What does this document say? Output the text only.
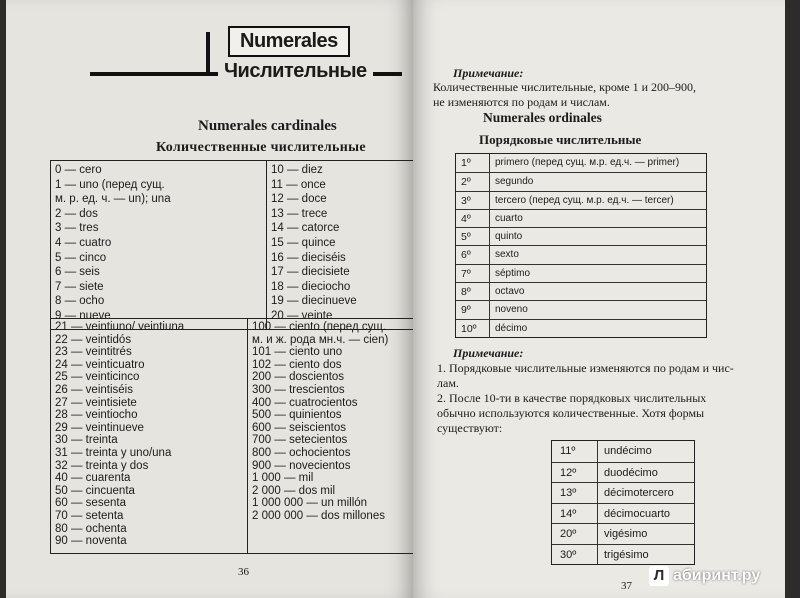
Numerales
Числительные
Numerales cardinales
Количественные числительные
0 — cero
1 — uno (перед сущ.
м. р. ед. ч. — un); una
2 — dos
3 — tres
4 — cuatro
5 — cinco
6 — seis
7 — siete
8 — ocho
9 — nueve
10 — diez
11 — once
12 — doce
13 — trece
14 — catorce
15 — quince
16 — dieciséis
17 — diecisiete
18 — dieciocho
19 — diecinueve
20 — veinte
21 — veintiuno/ veintiuna
22 — veintidós
23 — veintitrés
24 — veinticuatro
25 — veinticinco
26 — veintiséis
27 — veintisiete
28 — veintiocho
29 — veintinueve
30 — treinta
31 — treinta y uno/una
32 — treinta y dos
40 — cuarenta
50 — cincuenta
60 — sesenta
70 — setenta
80 — ochenta
90 — noventa
100 — ciento (перед сущ.
м. и ж. рода мн.ч. — cien)
101 — ciento uno
102 — ciento dos
200 — doscientos
300 — trescientos
400 — cuatrocientos
500 — quinientos
600 — seiscientos
700 — setecientos
800 — ochocientos
900 — novecientos
1 000 — mil
2 000 — dos mil
1 000 000 — un millón
2 000 000 — dos millones
36
Примечание:
Количественные числительные, кроме 1 и 200–900,
не изменяются по родам и числам.
Numerales ordinales
Порядковые числительные
1º	primero (перед сущ. м.р. ед.ч. — primer)
2º	segundo
3º	tercero (перед сущ. м.р. ед.ч. — tercer)
4º	cuarto
5º	quinto
6º	sexto
7º	séptimo
8º	octavo
9º	noveno
10º	décimo
Примечание:
1. Порядковые числительные изменяются по родам и чис-
лам.
2. После 10-ти в качестве порядковых числительных
обычно используются количественные. Хотя формы
существуют:
11º	undécimo
12º	duodécimo
13º	décimotercero
14º	décimocuarto
20º	vigésimo
30º	trigésimo
37
Л абиринт.ру
